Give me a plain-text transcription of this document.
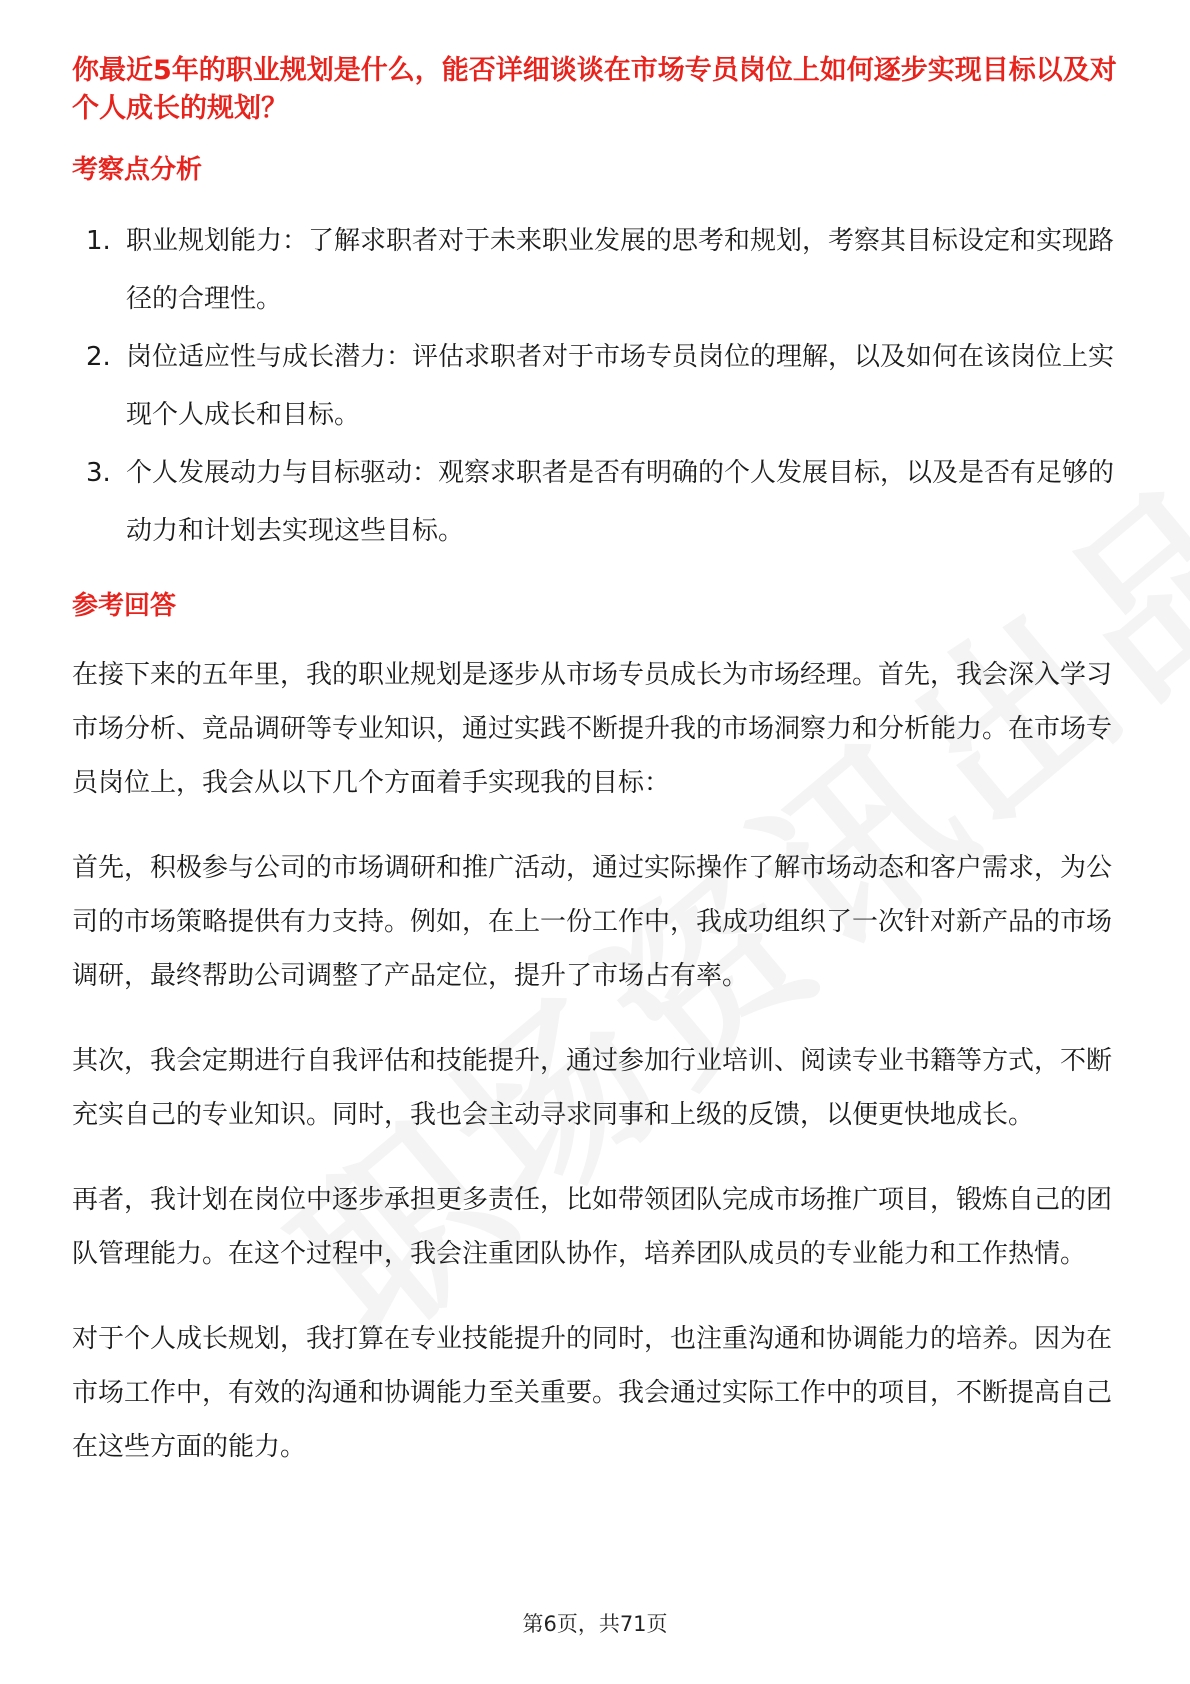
你最近5年的职业规划是什么，能否详细谈谈在市场专员岗位上如何逐步实现目标以及对个人成长的规划？

考察点分析

1. 职业规划能力：了解求职者对于未来职业发展的思考和规划，考察其目标设定和实现路径的合理性。
2. 岗位适应性与成长潜力：评估求职者对于市场专员岗位的理解，以及如何在该岗位上实现个人成长和目标。
3. 个人发展动力与目标驱动：观察求职者是否有明确的个人发展目标，以及是否有足够的动力和计划去实现这些目标。

参考回答

在接下来的五年里，我的职业规划是逐步从市场专员成长为市场经理。首先，我会深入学习市场分析、竞品调研等专业知识，通过实践不断提升我的市场洞察力和分析能力。在市场专员岗位上，我会从以下几个方面着手实现我的目标：

首先，积极参与公司的市场调研和推广活动，通过实际操作了解市场动态和客户需求，为公司的市场策略提供有力支持。例如，在上一份工作中，我成功组织了一次针对新产品的市场调研，最终帮助公司调整了产品定位，提升了市场占有率。

其次，我会定期进行自我评估和技能提升，通过参加行业培训、阅读专业书籍等方式，不断充实自己的专业知识。同时，我也会主动寻求同事和上级的反馈，以便更快地成长。

再者，我计划在岗位中逐步承担更多责任，比如带领团队完成市场推广项目，锻炼自己的团队管理能力。在这个过程中，我会注重团队协作，培养团队成员的专业能力和工作热情。

对于个人成长规划，我打算在专业技能提升的同时，也注重沟通和协调能力的培养。因为在市场工作中，有效的沟通和协调能力至关重要。我会通过实际工作中的项目，不断提高自己在这些方面的能力。

第6页，共71页
